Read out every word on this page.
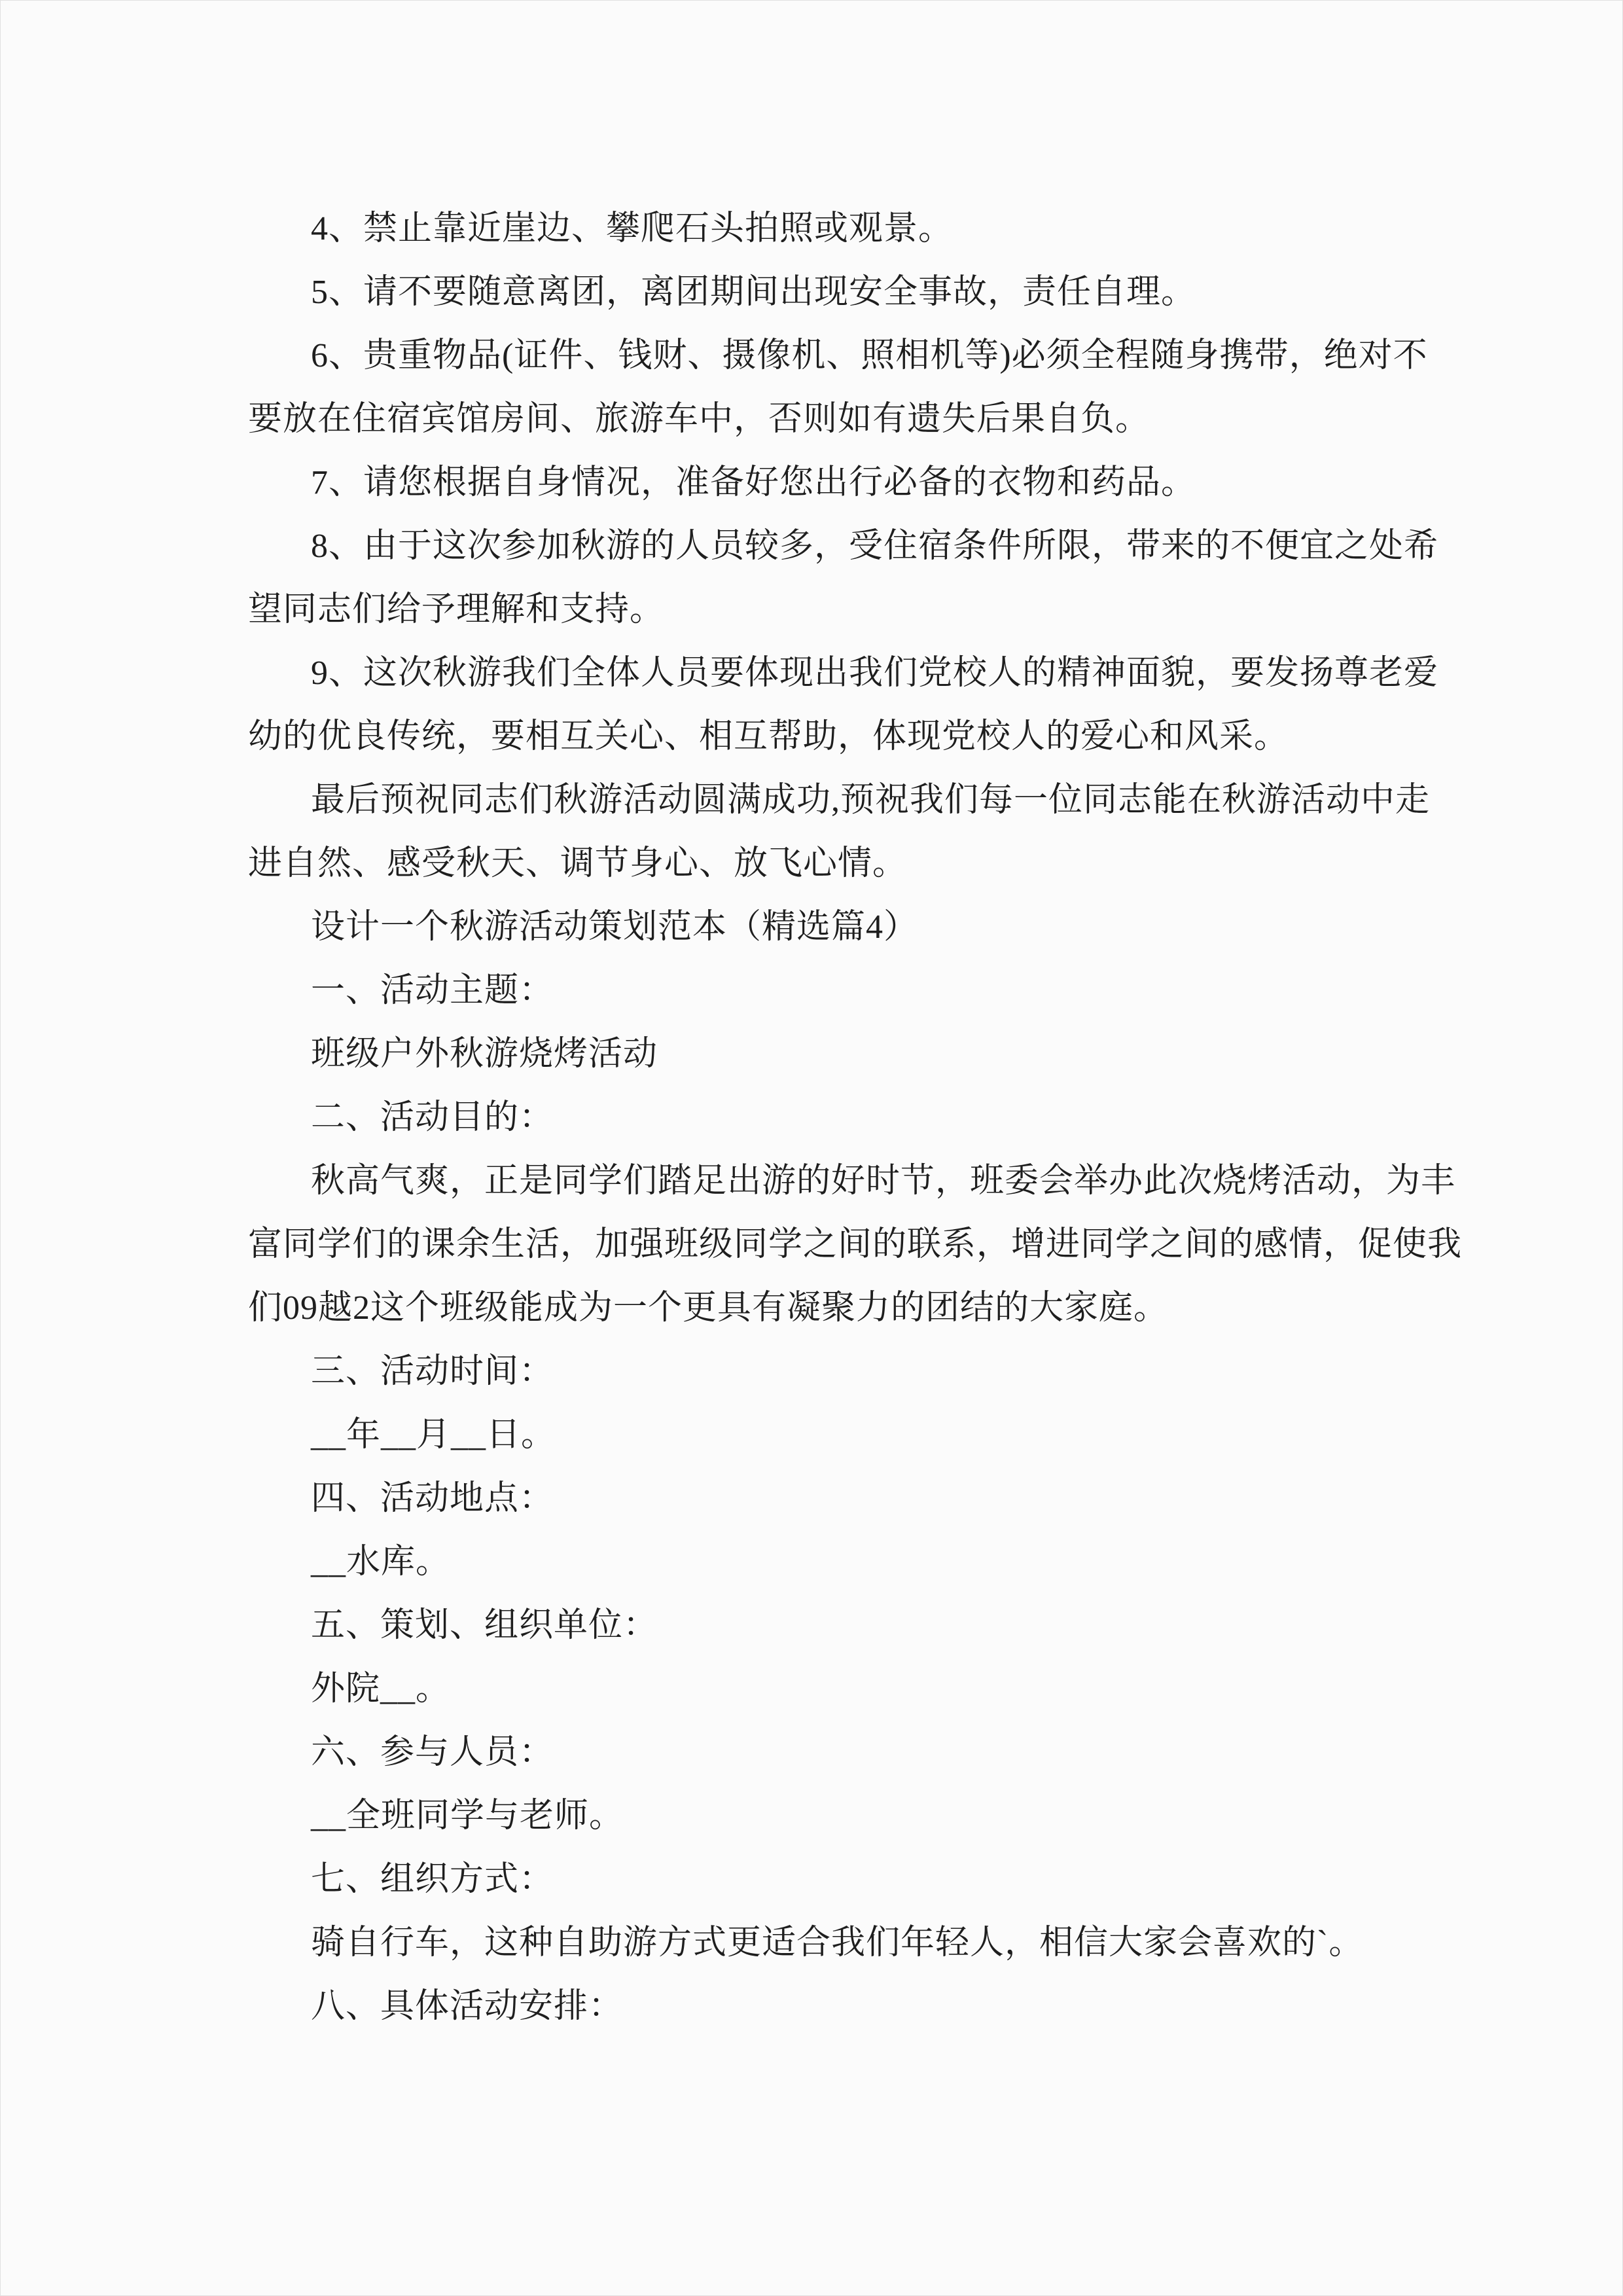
4、禁止靠近崖边、攀爬石头拍照或观景。
5、请不要随意离团，离团期间出现安全事故，责任自理。
6、贵重物品(证件、钱财、摄像机、照相机等)必须全程随身携带，绝对不
要放在住宿宾馆房间、旅游车中，否则如有遗失后果自负。
7、请您根据自身情况，准备好您出行必备的衣物和药品。
8、由于这次参加秋游的人员较多，受住宿条件所限，带来的不便宜之处希
望同志们给予理解和支持。
9、这次秋游我们全体人员要体现出我们党校人的精神面貌，要发扬尊老爱
幼的优良传统，要相互关心、相互帮助，体现党校人的爱心和风采。
最后预祝同志们秋游活动圆满成功,预祝我们每一位同志能在秋游活动中走
进自然、感受秋天、调节身心、放飞心情。
设计一个秋游活动策划范本（精选篇4）
一、活动主题：
班级户外秋游烧烤活动
二、活动目的：
秋高气爽，正是同学们踏足出游的好时节，班委会举办此次烧烤活动，为丰
富同学们的课余生活，加强班级同学之间的联系，增进同学之间的感情，促使我
们09越2这个班级能成为一个更具有凝聚力的团结的大家庭。
三、活动时间：
__年__月__日。
四、活动地点：
__水库。
五、策划、组织单位：
外院__。
六、参与人员：
__全班同学与老师。
七、组织方式：
骑自行车，这种自助游方式更适合我们年轻人，相信大家会喜欢的`。
八、具体活动安排：
